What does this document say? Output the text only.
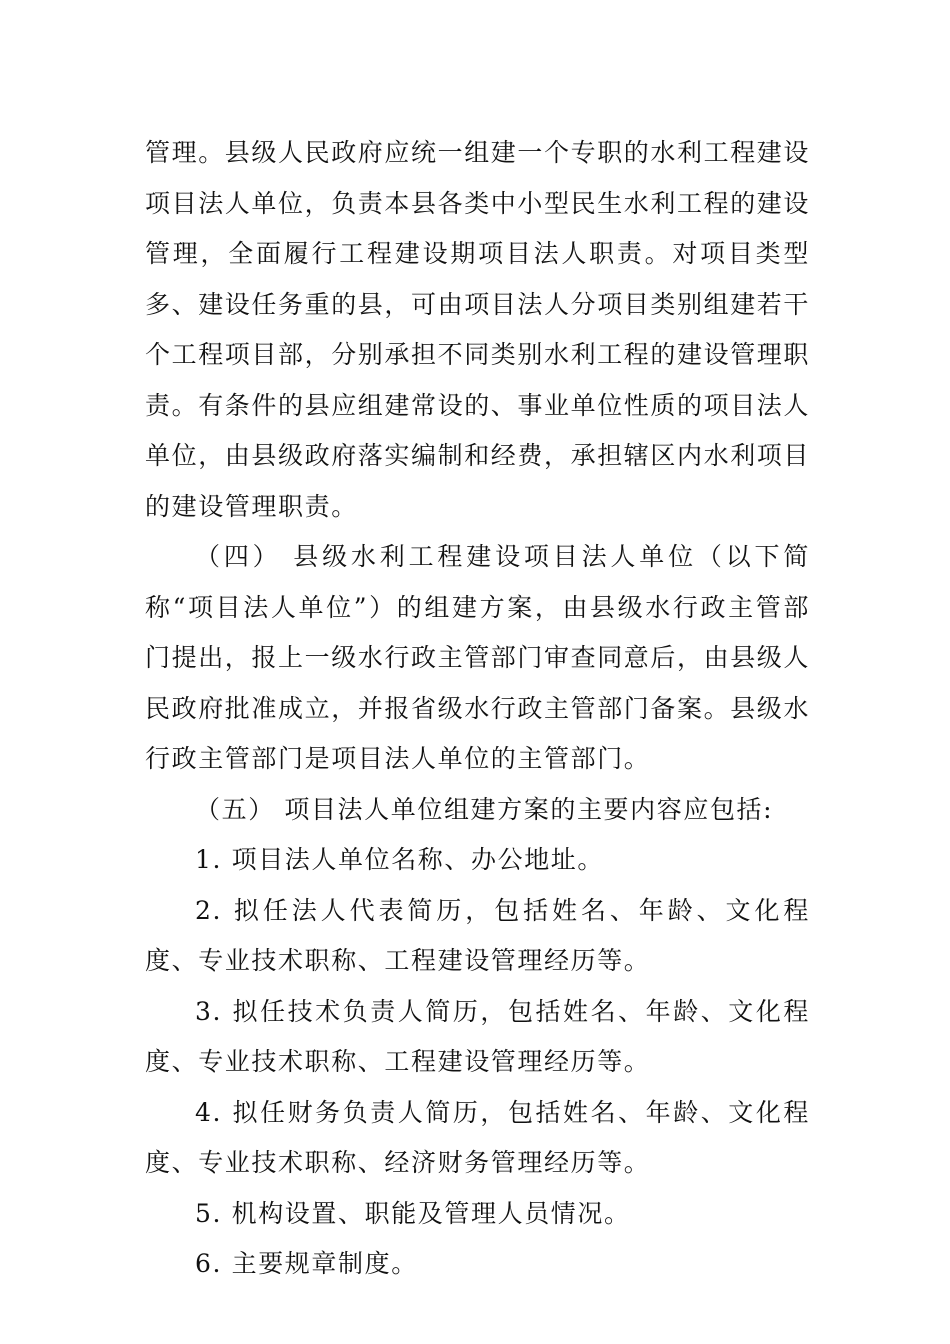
管理。县级人民政府应统一组建一个专职的水利工程建设项目法人单位，负责本县各类中小型民生水利工程的建设管理，全面履行工程建设期项目法人职责。对项目类型多、建设任务重的县，可由项目法人分项目类别组建若干个工程项目部，分别承担不同类别水利工程的建设管理职责。有条件的县应组建常设的、事业单位性质的项目法人单位，由县级政府落实编制和经费，承担辖区内水利项目的建设管理职责。

（四） 县级水利工程建设项目法人单位（以下简称“项目法人单位”）的组建方案，由县级水行政主管部门提出，报上一级水行政主管部门审查同意后，由县级人民政府批准成立，并报省级水行政主管部门备案。县级水行政主管部门是项目法人单位的主管部门。

（五） 项目法人单位组建方案的主要内容应包括:

1. 项目法人单位名称、办公地址。

2. 拟任法人代表简历，包括姓名、年龄、文化程度、专业技术职称、工程建设管理经历等。

3. 拟任技术负责人简历，包括姓名、年龄、文化程度、专业技术职称、工程建设管理经历等。

4. 拟任财务负责人简历，包括姓名、年龄、文化程度、专业技术职称、经济财务管理经历等。

5. 机构设置、职能及管理人员情况。

6. 主要规章制度。
